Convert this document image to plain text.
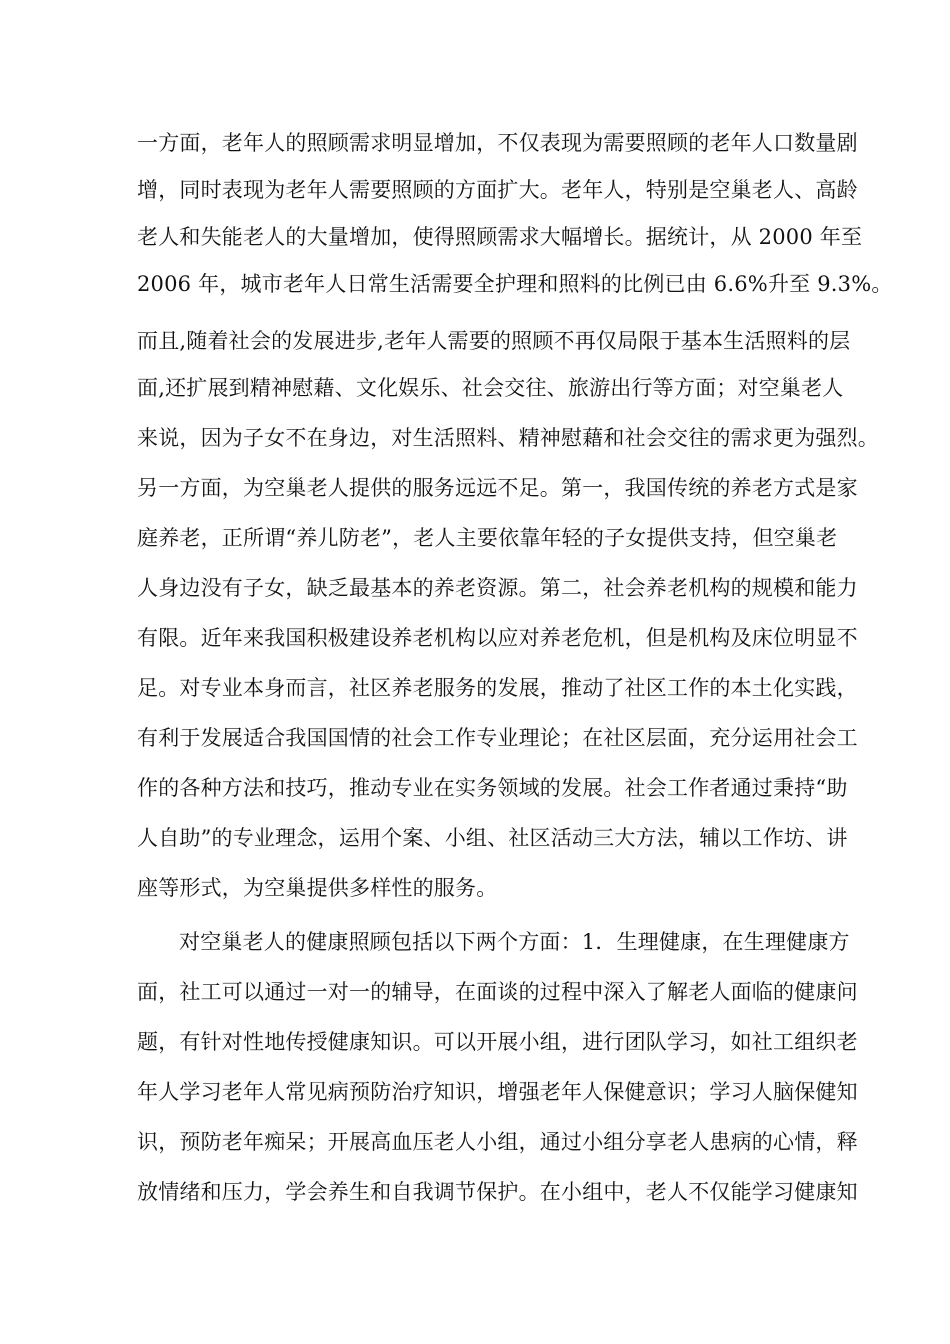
一方面，老年人的照顾需求明显增加，不仅表现为需要照顾的老年人口数量剧
增，同时表现为老年人需要照顾的方面扩大。老年人，特别是空巢老人、高龄
老人和失能老人的大量增加，使得照顾需求大幅增长。据统计，从 2000 年至
2006 年，城市老年人日常生活需要全护理和照料的比例已由 6.6%升至 9.3%。
而且,随着社会的发展进步,老年人需要的照顾不再仅局限于基本生活照料的层
面,还扩展到精神慰藉、文化娱乐、社会交往、旅游出行等方面；对空巢老人
来说，因为子女不在身边，对生活照料、精神慰藉和社会交往的需求更为强烈。
另一方面，为空巢老人提供的服务远远不足。第一，我国传统的养老方式是家
庭养老，正所谓“养儿防老”，老人主要依靠年轻的子女提供支持，但空巢老
人身边没有子女，缺乏最基本的养老资源。第二，社会养老机构的规模和能力
有限。近年来我国积极建设养老机构以应对养老危机，但是机构及床位明显不
足。对专业本身而言，社区养老服务的发展，推动了社区工作的本土化实践，
有利于发展适合我国国情的社会工作专业理论；在社区层面，充分运用社会工
作的各种方法和技巧，推动专业在实务领域的发展。社会工作者通过秉持“助
人自助”的专业理念，运用个案、小组、社区活动三大方法，辅以工作坊、讲
座等形式，为空巢提供多样性的服务。
对空巢老人的健康照顾包括以下两个方面：1．生理健康，在生理健康方
面，社工可以通过一对一的辅导，在面谈的过程中深入了解老人面临的健康问
题，有针对性地传授健康知识。可以开展小组，进行团队学习，如社工组织老
年人学习老年人常见病预防治疗知识，增强老年人保健意识；学习人脑保健知
识，预防老年痴呆；开展高血压老人小组，通过小组分享老人患病的心情，释
放情绪和压力，学会养生和自我调节保护。在小组中，老人不仅能学习健康知
